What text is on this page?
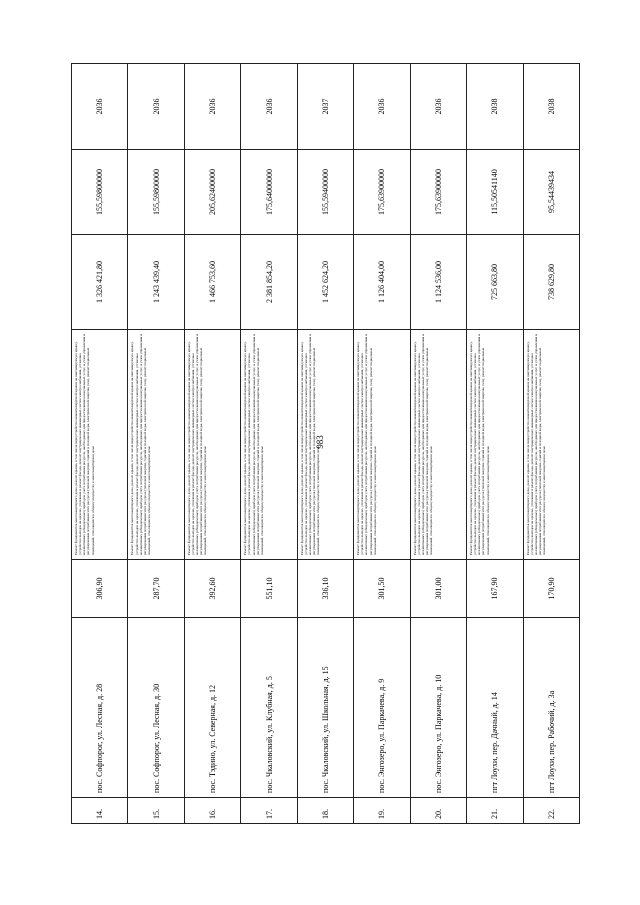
983
14.	пос. Софпорог, ул. Лесная, д. 28	306,90	Ремонт фундаментов многоквартирного дома, ремонт крыши, в том числе переустройство невентилируемой крыши на вентилируемую крышу, устройство выходов на кровлю, утепление и ремонт фасада, ремонт внутридомовых инженерных систем электроснабжения, установка коллективных (общедомовых) приборов учета потребления ресурсов, необходимых для предоставления коммунальных услуг, и узлов управления и регулирования потребления этих ресурсов (тепловой энергии, горячей и холодной воды, электрической энергии, газа), ремонт подвальных помещений, относящихся к общему имуществу в многоквартирном доме	1 326 421,80	155,59800000	2036
15.	пос. Софпорог, ул. Лесная, д. 30	287,70	Ремонт фундаментов многоквартирного дома, ремонт крыши, в том числе переустройство невентилируемой крыши на вентилируемую крышу, устройство выходов на кровлю, утепление и ремонт фасада, ремонт внутридомовых инженерных систем электроснабжения, установка коллективных (общедомовых) приборов учета потребления ресурсов, необходимых для предоставления коммунальных услуг, и узлов управления и регулирования потребления этих ресурсов (тепловой энергии, горячей и холодной воды, электрической энергии, газа), ремонт подвальных помещений, относящихся к общему имуществу в многоквартирном доме	1 243 439,40	155,59800000	2036
16.	пос. Тэдино, ул. Северная, д. 12	392,60	Ремонт фундаментов многоквартирного дома, ремонт крыши, в том числе переустройство невентилируемой крыши на вентилируемую крышу, устройство выходов на кровлю, утепление и ремонт фасада, ремонт внутридомовых инженерных систем электроснабжения, установка коллективных (общедомовых) приборов учета потребления ресурсов, необходимых для предоставления коммунальных услуг, и узлов управления и регулирования потребления этих ресурсов (тепловой энергии, горячей и холодной воды, электрической энергии, газа), ремонт подвальных помещений, относящихся к общему имуществу в многоквартирном доме	1 466 753,60	205,62400000	2036
17.	пос. Чкаловский, ул. Клубная, д. 5	551,10	Ремонт фундаментов многоквартирного дома, ремонт крыши, в том числе переустройство невентилируемой крыши на вентилируемую крышу, устройство выходов на кровлю, утепление и ремонт фасада, ремонт внутридомовых инженерных систем электроснабжения, установка коллективных (общедомовых) приборов учета потребления ресурсов, необходимых для предоставления коммунальных услуг, и узлов управления и регулирования потребления этих ресурсов (тепловой энергии, горячей и холодной воды, электрической энергии, газа), ремонт подвальных помещений, относящихся к общему имуществу в многоквартирном доме	2 381 854,20	175,64000000	2036
18.	пос. Чкаловский, ул. Школьная, д. 15	336,10	Ремонт фундаментов многоквартирного дома, ремонт крыши, в том числе переустройство невентилируемой крыши на вентилируемую крышу, устройство выходов на кровлю, утепление и ремонт фасада, ремонт внутридомовых инженерных систем электроснабжения, установка коллективных (общедомовых) приборов учета потребления ресурсов, необходимых для предоставления коммунальных услуг, и узлов управления и регулирования потребления этих ресурсов (тепловой энергии, горячей и холодной воды, электрической энергии, газа), ремонт подвальных помещений, относящихся к общему имуществу в многоквартирном доме	1 452 624,20	155,59400000	2037
19.	пос. Энгозеро, ул. Паркачева, д. 9	301,50	Ремонт фундаментов многоквартирного дома, ремонт крыши, в том числе переустройство невентилируемой крыши на вентилируемую крышу, устройство выходов на кровлю, утепление и ремонт фасада, ремонт внутридомовых инженерных систем электроснабжения, установка коллективных (общедомовых) приборов учета потребления ресурсов, необходимых для предоставления коммунальных услуг, и узлов управления и регулирования потребления этих ресурсов (тепловой энергии, горячей и холодной воды, электрической энергии, газа), ремонт подвальных помещений, относящихся к общему имуществу в многоквартирном доме	1 126 404,00	175,63900000	2036
20.	пос. Энгозеро, ул. Паркачева, д. 10	301,00	Ремонт фундаментов многоквартирного дома, ремонт крыши, в том числе переустройство невентилируемой крыши на вентилируемую крышу, устройство выходов на кровлю, утепление и ремонт фасада, ремонт внутридомовых инженерных систем электроснабжения, установка коллективных (общедомовых) приборов учета потребления ресурсов, необходимых для предоставления коммунальных услуг, и узлов управления и регулирования потребления этих ресурсов (тепловой энергии, горячей и холодной воды, электрической энергии, газа), ремонт подвальных помещений, относящихся к общему имуществу в многоквартирном доме	1 124 536,00	175,63900000	2036
21.	пгт Лоухи, пер. Дачный, д. 14	167,90	Ремонт фундаментов многоквартирного дома, ремонт крыши, в том числе переустройство невентилируемой крыши на вентилируемую крышу, устройство выходов на кровлю, утепление и ремонт фасада, ремонт внутридомовых инженерных систем электроснабжения, установка коллективных (общедомовых) приборов учета потребления ресурсов, необходимых для предоставления коммунальных услуг, и узлов управления и регулирования потребления этих ресурсов (тепловой энергии, горячей и холодной воды, электрической энергии, газа), ремонт подвальных помещений, относящихся к общему имуществу в многоквартирном доме	725 663,80	115,50541140	2038
22.	пгт Лоухи, пер. Рабочий, д. 3а	170,90	Ремонт фундаментов многоквартирного дома, ремонт крыши, в том числе переустройство невентилируемой крыши на вентилируемую крышу, устройство выходов на кровлю, утепление и ремонт фасада, ремонт внутридомовых инженерных систем электроснабжения, установка коллективных (общедомовых) приборов учета потребления ресурсов, необходимых для предоставления коммунальных услуг, и узлов управления и регулирования потребления этих ресурсов (тепловой энергии, горячей и холодной воды, электрической энергии, газа), ремонт подвальных помещений, относящихся к общему имуществу в многоквартирном доме	738 629,80	95,54439434	2038
